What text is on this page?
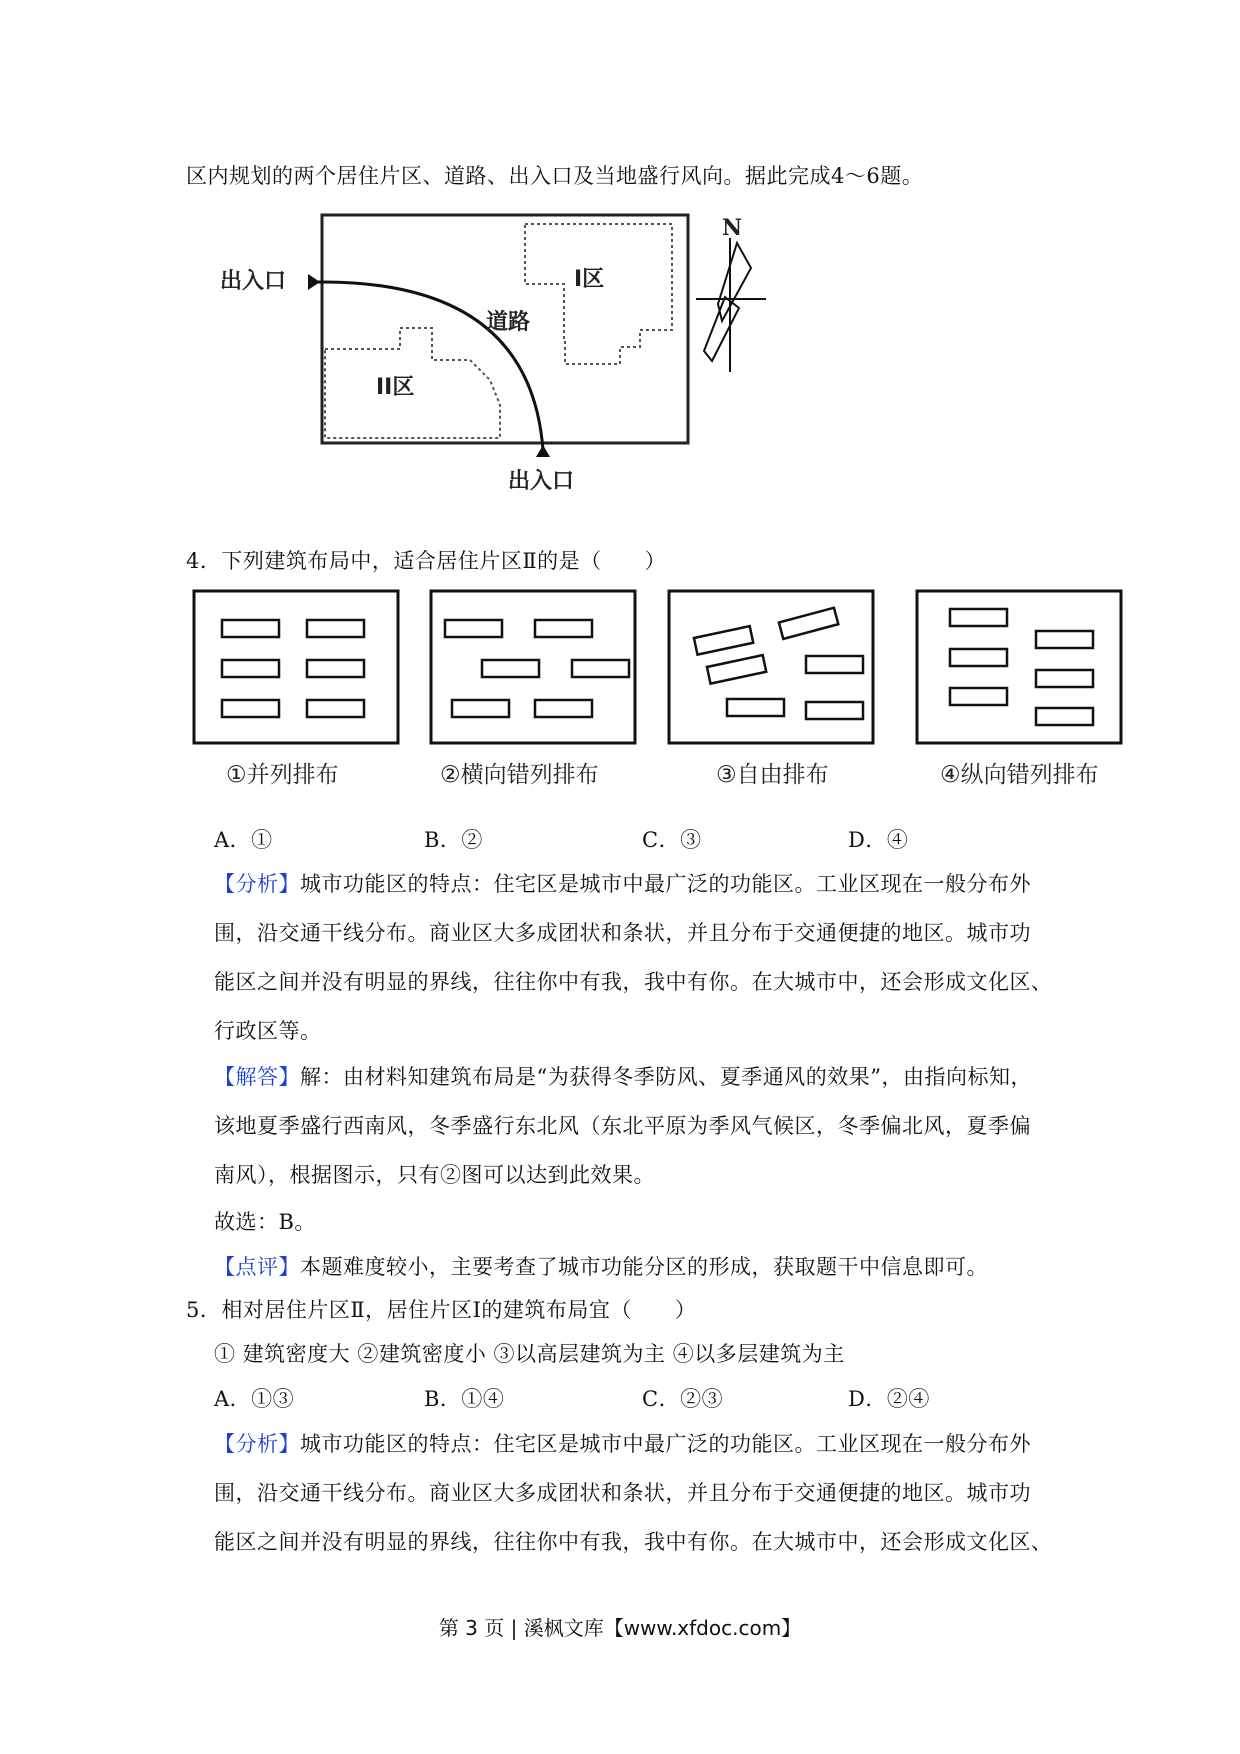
区内规划的两个居住片区、道路、出入口及当地盛行风向。据此完成4～6题。
出入口	I区
道路
II区
出入口
N
4．下列建筑布局中，适合居住片区Ⅱ的是（　　）
①并列排布	②横向错列排布	③自由排布	④纵向错列排布
A．①	B．②	C．③	D．④
【分析】城市功能区的特点：住宅区是城市中最广泛的功能区。工业区现在一般分布外
围，沿交通干线分布。商业区大多成团状和条状，并且分布于交通便捷的地区。城市功
能区之间并没有明显的界线，往往你中有我，我中有你。在大城市中，还会形成文化区、
行政区等。
【解答】解：由材料知建筑布局是“为获得冬季防风、夏季通风的效果”，由指向标知，
该地夏季盛行西南风，冬季盛行东北风（东北平原为季风气候区，冬季偏北风，夏季偏
南风），根据图示，只有②图可以达到此效果。
故选：B。
【点评】本题难度较小，主要考查了城市功能分区的形成，获取题干中信息即可。
5．相对居住片区Ⅱ，居住片区Ⅰ的建筑布局宜（　　）
① 建筑密度大 ②建筑密度小 ③以高层建筑为主 ④以多层建筑为主
A．①③	B．①④	C．②③	D．②④
【分析】城市功能区的特点：住宅区是城市中最广泛的功能区。工业区现在一般分布外
围，沿交通干线分布。商业区大多成团状和条状，并且分布于交通便捷的地区。城市功
能区之间并没有明显的界线，往往你中有我，我中有你。在大城市中，还会形成文化区、
第 3 页 | 溪枫文库【www.xfdoc.com】
